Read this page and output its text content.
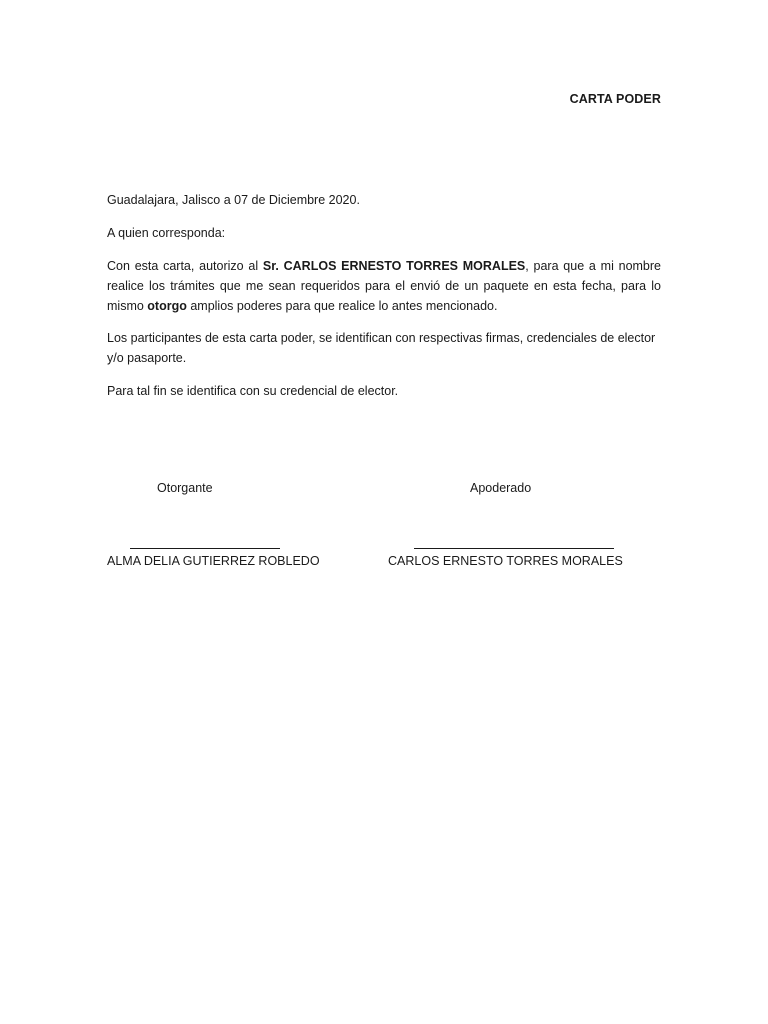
CARTA PODER
Guadalajara, Jalisco a 07 de Diciembre 2020.
A quien corresponda:
Con esta carta, autorizo al Sr. CARLOS ERNESTO TORRES MORALES, para que a mi nombre realice los trámites que me sean requeridos para el envió de un paquete en esta fecha, para lo mismo otorgo amplios poderes para que realice lo antes mencionado.
Los participantes de esta carta poder, se identifican con respectivas firmas, credenciales de elector y/o pasaporte.
Para tal fin se identifica con su credencial de elector.
Otorgante
ALMA DELIA GUTIERREZ ROBLEDO
Apoderado
CARLOS ERNESTO TORRES MORALES
